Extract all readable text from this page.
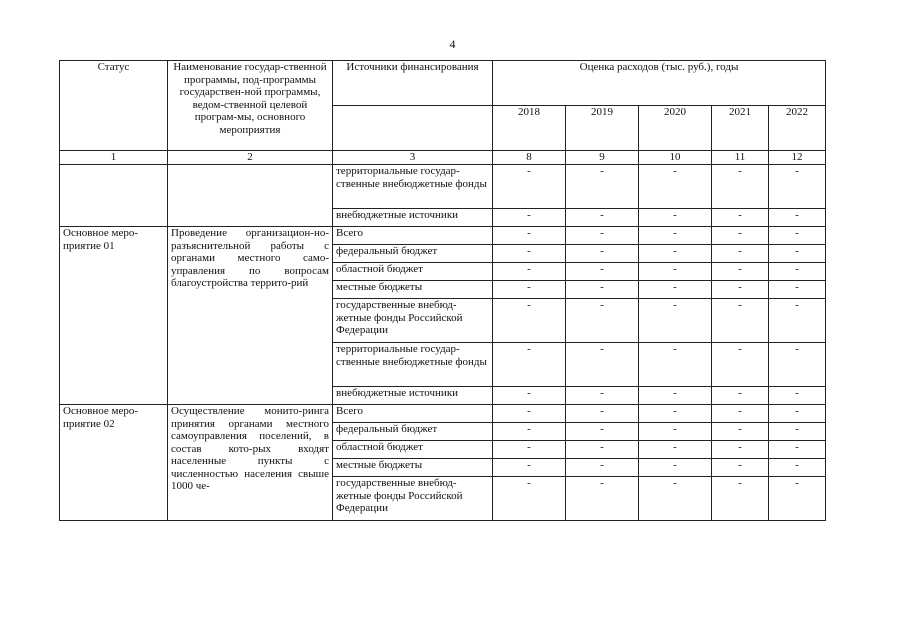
4
Статус	Наименование государ-ственной программы, под-программы государствен-ной программы, ведом-ственной целевой програм-мы, основного мероприятия	Источники финансирования	Оценка расходов (тыс. руб.), годы				
			2018	2019	2020	2021	2022
1	2	3	8	9	10	11	12
		территориальные государ-ственные внебюджетные фонды	-	-	-	-	-
		внебюджетные источники	-	-	-	-	-
Основное меро-приятие 01	Проведение организацион-но-разъяснительной работы с органами местного само-управления по вопросам благоустройства террито-рий	Всего	-	-	-	-	-
		федеральный бюджет	-	-	-	-	-
		областной бюджет	-	-	-	-	-
		местные бюджеты	-	-	-	-	-
		государственные внебюд-жетные фонды Российской Федерации	-	-	-	-	-
		территориальные государ-ственные внебюджетные фонды	-	-	-	-	-
		внебюджетные источники	-	-	-	-	-
Основное меро-приятие 02	Осуществление монито-ринга принятия органами местного самоуправления поселений, в состав кото-рых входят населенные пункты с численностью населения свыше 1000 че-	Всего	-	-	-	-	-
		федеральный бюджет	-	-	-	-	-
		областной бюджет	-	-	-	-	-
		местные бюджеты	-	-	-	-	-
		государственные внебюд-жетные фонды Российской Федерации	-	-	-	-	-
